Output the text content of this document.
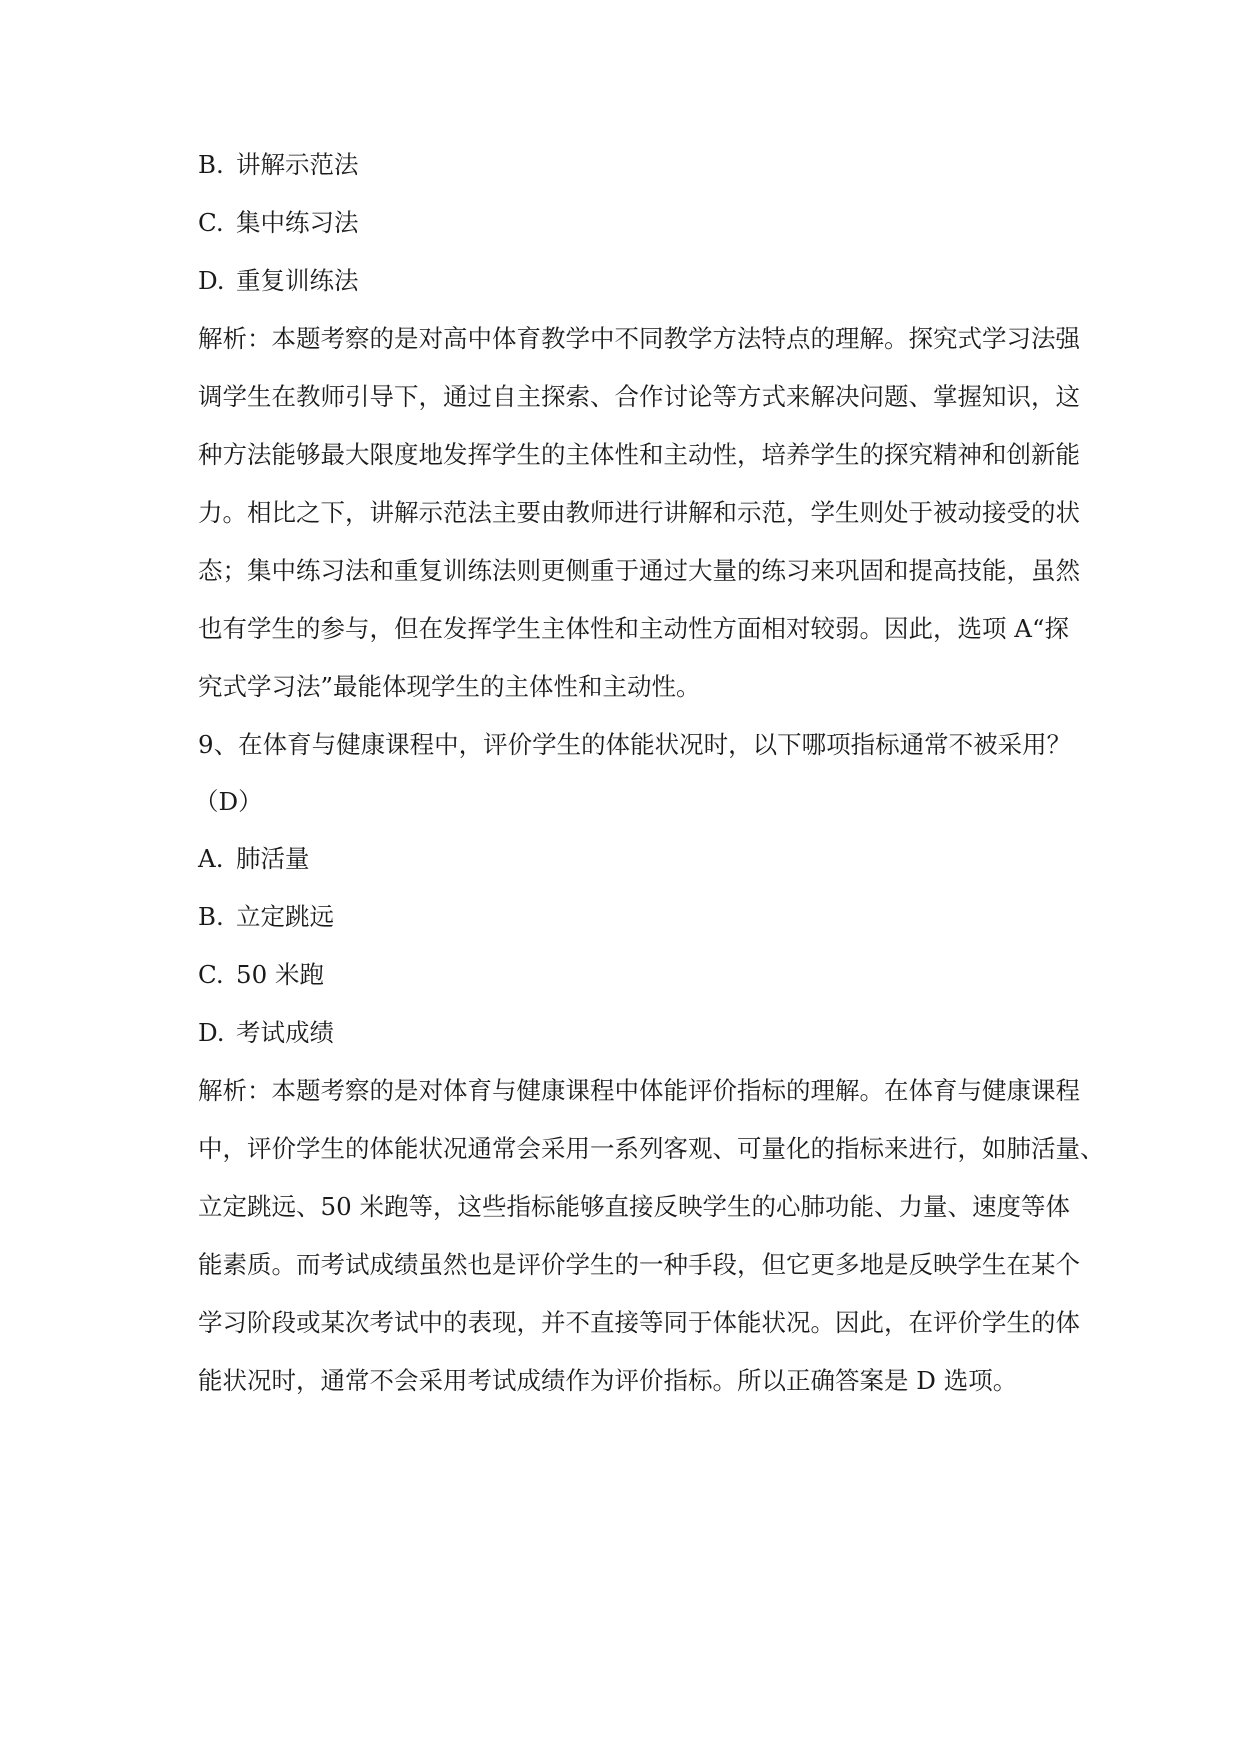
B. 讲解示范法
C. 集中练习法
D. 重复训练法
解析：本题考察的是对高中体育教学中不同教学方法特点的理解。探究式学习法强
调学生在教师引导下，通过自主探索、合作讨论等方式来解决问题、掌握知识，这
种方法能够最大限度地发挥学生的主体性和主动性，培养学生的探究精神和创新能
力。相比之下，讲解示范法主要由教师进行讲解和示范，学生则处于被动接受的状
态；集中练习法和重复训练法则更侧重于通过大量的练习来巩固和提高技能，虽然
也有学生的参与，但在发挥学生主体性和主动性方面相对较弱。因此，选项 A“探
究式学习法”最能体现学生的主体性和主动性。
9、在体育与健康课程中，评价学生的体能状况时，以下哪项指标通常不被采用？
（D）
A. 肺活量
B. 立定跳远
C. 50 米跑
D. 考试成绩
解析：本题考察的是对体育与健康课程中体能评价指标的理解。在体育与健康课程
中，评价学生的体能状况通常会采用一系列客观、可量化的指标来进行，如肺活量、
立定跳远、50 米跑等，这些指标能够直接反映学生的心肺功能、力量、速度等体
能素质。而考试成绩虽然也是评价学生的一种手段，但它更多地是反映学生在某个
学习阶段或某次考试中的表现，并不直接等同于体能状况。因此，在评价学生的体
能状况时，通常不会采用考试成绩作为评价指标。所以正确答案是 D 选项。
